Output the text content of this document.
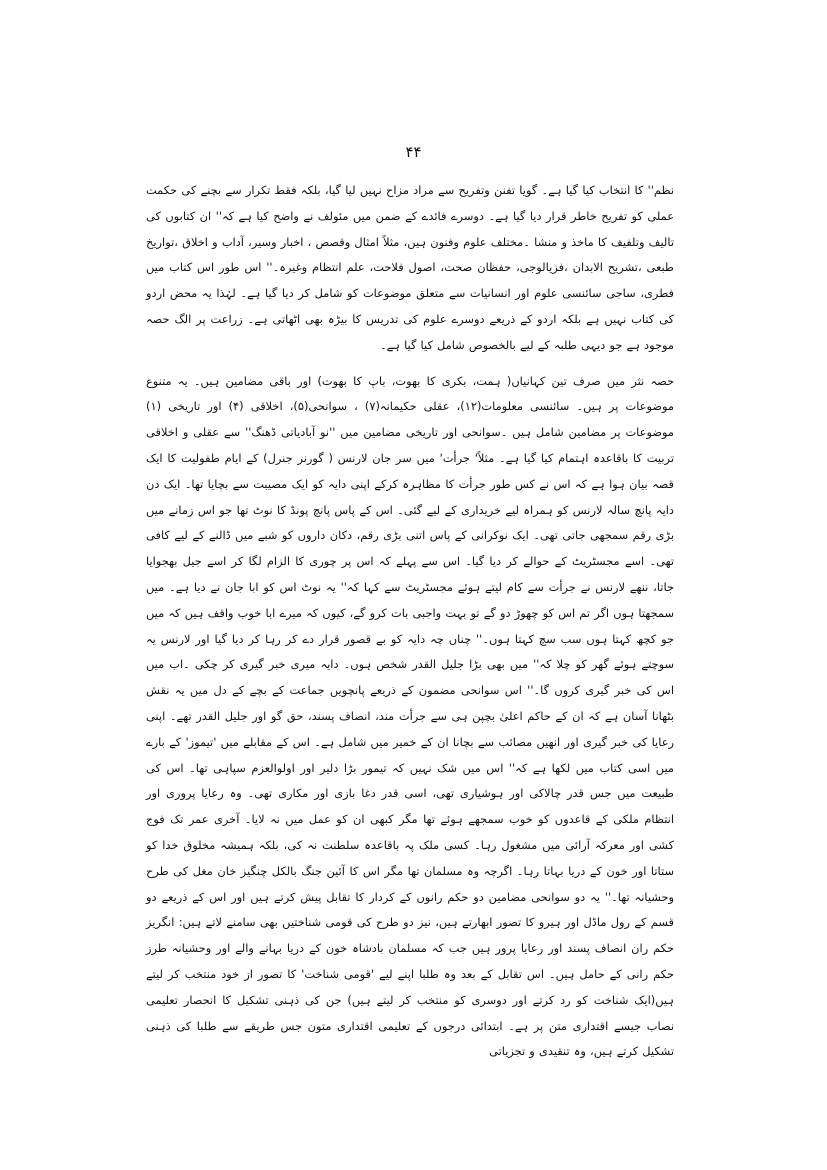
۴۴

نظم'' کا انتخاب کیا گیا ہے۔ گویا تفنن وتفریح سے مراد مزاح نہیں لیا گیا، بلکہ فقط تکرار سے بچنے کی حکمت عملی کو تفریح خاطر قرار دیا گیا ہے۔ دوسرے فائدے کے ضمن میں مئولف نے واضح کیا ہے کہ'' ان کتابوں کی تالیف وتلفیف کا ماخذ و منشا ۔مختلف علوم وفنون ہیں، مثلاً امثال وقصص ، اخبار وسیر، آداب و اخلاق ،تواریخ طبعی ،تشریح الابدان ،فزیالوجی، حفظان صحت، اصول فلاحت، علم انتظام وغیرہ۔'' اس طور اس کتاب میں فطری، ساجی سائنسی علوم اور انسانیات سے متعلق موضوعات کو شامل کر دیا گیا ہے۔ لہٰذا یہ محض اردو کی کتاب نہیں ہے بلکہ اردو کے ذریعے دوسرے علوم کی تدریس کا بیڑہ بھی اٹھاتی ہے۔ زراعت پر الگ حصہ موجود ہے جو دیہی طلبہ کے لیے بالخصوص شامل کیا گیا ہے۔

حصہ نثر میں صرف تین کہانیاں( ہمت، بکری کا بھوت، باپ کا بھوت) اور باقی مضامین ہیں۔ یہ متنوع موضوعات پر ہیں۔ سائنسی معلومات(۱۲)، عقلی حکیمانہ(۷) ، سوانحی(۵)، اخلاقی (۴) اور تاریخی (۱) موضوعات پر مضامین شامل ہیں ۔سوانحی اور تاریخی مضامین میں ''نو آبادیاتی ڈھنگ'' سے عقلی و اخلاقی تربیت کا باقاعدہ اہتمام کیا گیا ہے۔ مثلاً' جرأت' میں سر جان لارنس ( گورنر جنرل) کے ایام طفولیت کا ایک قصہ بیان ہوا ہے کہ اس نے کس طور جرأت کا مظاہرہ کرکے اپنی دایہ کو ایک مصیبت سے بچایا تھا۔ ایک دن دایہ پانچ سالہ لارنس کو ہمراہ لیے خریداری کے لیے گئی۔ اس کے پاس پانچ پونڈ کا نوٹ تھا جو اس زمانے میں بڑی رقم سمجھی جاتی تھی۔ ایک نوکرانی کے پاس اتنی بڑی رقم، دکان داروں کو شبے میں ڈالنے کے لیے کافی تھی۔ اسے مجسٹریٹ کے حوالے کر دیا گیا۔ اس سے پہلے کہ اس پر چوری کا الزام لگا کر اسے جیل بھجوایا جاتا، ننھے لارنس نے جرأت سے کام لیتے ہوئے مجسٹریٹ سے کہا کہ'' یہ نوٹ اس کو ابا جان نے دیا ہے۔ میں سمجھتا ہوں اگر تم اس کو چھوڑ دو گے تو بہت واجبی بات کرو گے، کیوں کہ میرے ابا خوب واقف ہیں کہ میں جو کچھ کہتا ہوں سب سچ کہتا ہوں۔'' چناں چہ دایہ کو بے قصور قرار دے کر رہا کر دیا گیا اور لارنس یہ سوچتے ہوئے گھر کو چلا کہ'' میں بھی بڑا جلیل القدر شخص ہوں۔ دایہ میری خبر گیری کر چکی ۔اب میں اس کی خبر گیری کروں گا۔'' اس سوانحی مضمون کے ذریعے پانچویں جماعت کے بچے کے دل میں یہ نقش بٹھانا آسان ہے کہ ان کے حاکم اعلیٰ بچپن ہی سے جرأت مند، انصاف پسند، حق گو اور جلیل القدر تھے۔ اپنی رعایا کی خبر گیری اور انھیں مصائب سے بچانا ان کے خمیر میں شامل ہے۔ اس کے مقابلے میں 'تیموز' کے بارے میں اسی کتاب میں لکھا ہے کہ'' اس میں شک نہیں کہ تیمور بڑا دلیر اور اولوالعزم سپاہی تھا۔ اس کی طبیعت میں جس قدر چالاکی اور ہوشیاری تھی، اسی قدر دغا بازی اور مکاری تھی۔ وہ رعایا پروری اور انتظام ملکی کے قاعدوں کو خوب سمجھے ہوئے تھا مگر کبھی ان کو عمل میں نہ لایا۔ آخری عمر تک فوج کشی اور معرکہ آرائی میں مشغول رہا۔ کسی ملک پہ باقاعدہ سلطنت نہ کی، بلکہ ہمیشہ مخلوق خدا کو ستاتا اور خون کے دریا بہاتا رہا۔ اگرچہ وہ مسلمان تھا مگر اس کا آئین جنگ بالکل چنگیز خان مغل کی طرح وحشیانہ تھا۔'' یہ دو سوانحی مضامین دو حکم رانوں کے کردار کا تقابل پیش کرتے ہیں اور اس کے ذریعے دو قسم کے رول ماڈل اور ہیرو کا تصور ابھارتے ہیں، نیز دو طرح کی قومی شناختیں بھی سامنے لاتے ہیں: انگریز حکم ران انصاف پسند اور رعایا پرور ہیں جب کہ مسلمان بادشاہ خون کے دریا بہانے والے اور وحشیانہ طرز حکم رانی کے حامل ہیں۔ اس تقابل کے بعد وہ طلبا اپنے لیے 'قومی شناخت' کا تصور از خود منتخب کر لیتے ہیں(ایک شناخت کو رد کرتے اور دوسری کو منتخب کر لیتے ہیں) جن کی ذہنی تشکیل کا انحصار تعلیمی نصاب جیسے اقتداری متن پر ہے۔ ابتدائی درجوں کے تعلیمی اقتداری متون جس طریقے سے طلبا کی ذہنی تشکیل کرتے ہیں، وہ تنقیدی و تجزیاتی
